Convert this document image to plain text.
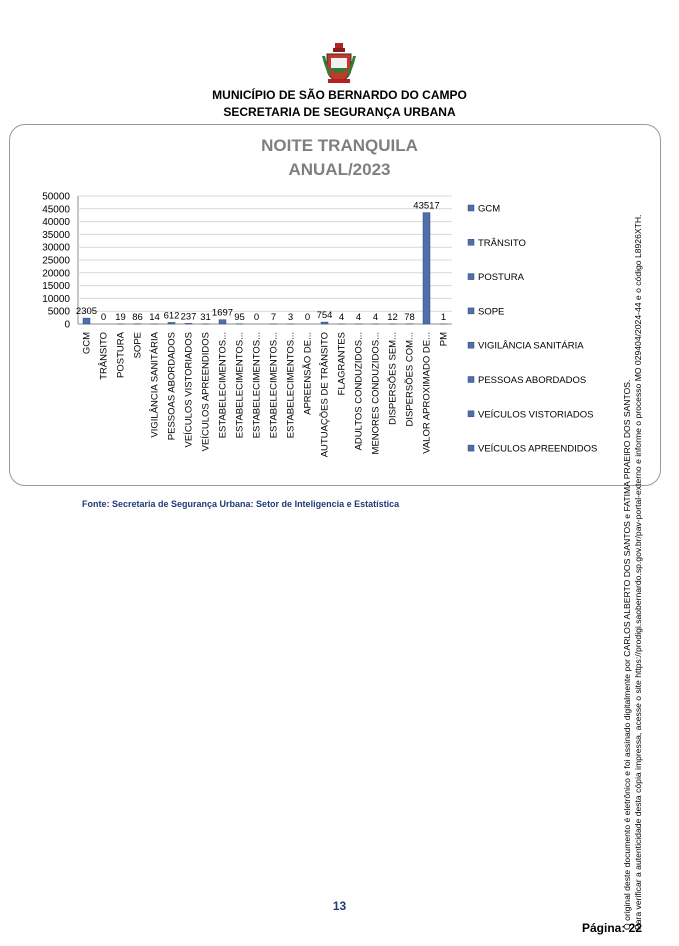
MUNICÍPIO DE SÃO BERNARDO DO CAMPO
SECRETARIA DE SEGURANÇA URBANA
NOITE TRANQUILA
ANUAL/2023
0
5000
10000
15000
20000
25000
30000
35000
40000
45000
50000
2305
GCM
0
TRÂNSITO
19
POSTURA
86
SOPE
14
VIGILÂNCIA SANITÁRIA
612
PESSOAS ABORDADOS
237
VEÍCULOS VISTORIADOS
31
VEÍCULOS APREENDIDOS
1697
ESTABELECIMENTOS...
95
ESTABELECIMENTOS...
0
ESTABELECIMENTOS...
7
ESTABELECIMENTOS...
3
ESTABELECIMENTOS...
0
APREENSÃO DE...
754
AUTUAÇÕES DE TRÂNSITO
4
FLAGRANTES
4
ADULTOS CONDUZIDOS...
4
MENORES CONDUZIDOS...
12
DISPERSÕES SEM...
78
DISPERSÕES COM...
43517
VALOR APROXIMADO DE...
1
PM
GCM
TRÂNSITO
POSTURA
SOPE
VIGILÂNCIA SANITÁRIA
PESSOAS ABORDADOS
VEÍCULOS VISTORIADOS
VEÍCULOS APREENDIDOS
Fonte: Secretaria de Segurança Urbana: Setor de Inteligencia e Estatística
13
Página: 22
O original deste documento é eletrônico e foi assinado digitalmente por CARLOS ALBERTO DOS SANTOS e FATIMA PRAEIRO DOS SANTOS. Para verificar a autenticidade desta cópia impressa, acesse o site https://prodigi.saobernardo.sp.gov.br/pav-portal-externo e informe o processo MO 029404/2024-44 e o código L8926XTH.
